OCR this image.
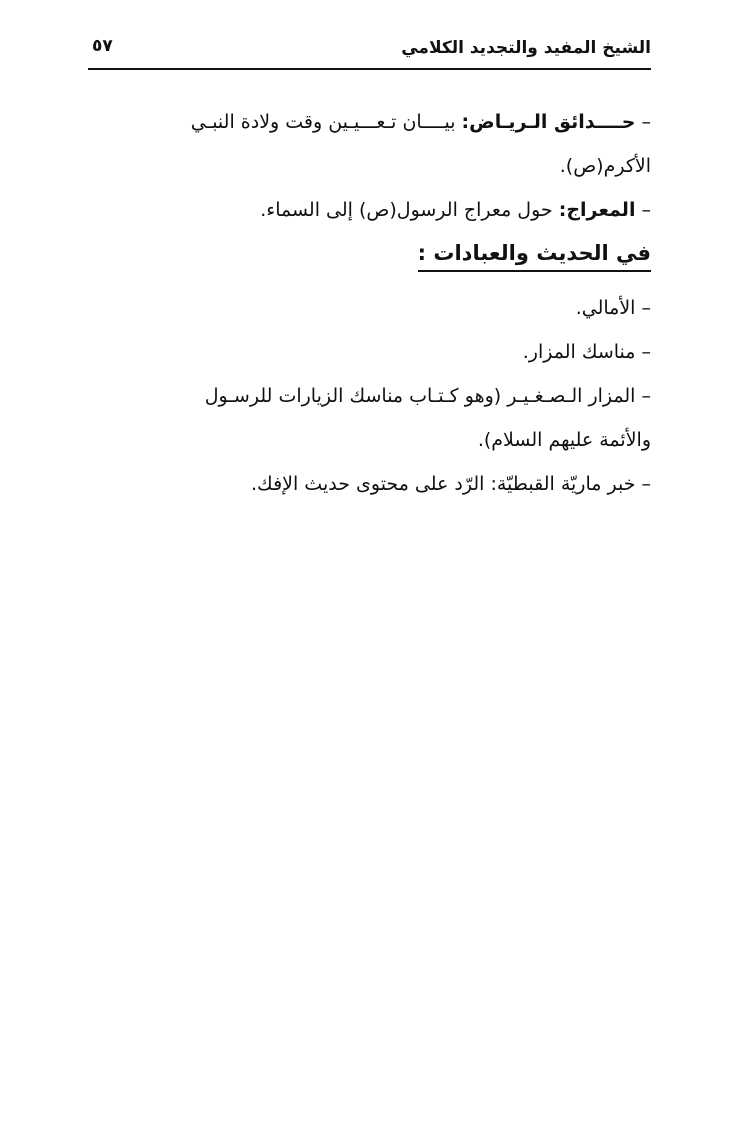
الشيخ المفيد والتجديد الكلامي
٥٧

– حــــدائق الـريـاض: بيــــان تـعـــيـين وقت ولادة النبـي
الأكرم(ص).

– المعراج: حول معراج الرسول(ص) إلى السماء.

في الحديث والعبادات :

– الأمالي.

– مناسك المزار.

– المزار الـصـغـيـر (وهو كـتـاب مناسك الزيارات للرسـول
والأئمة عليهم السلام).

– خبر ماريّة القبطيّة: الرّد على محتوى حديث الإفك.
